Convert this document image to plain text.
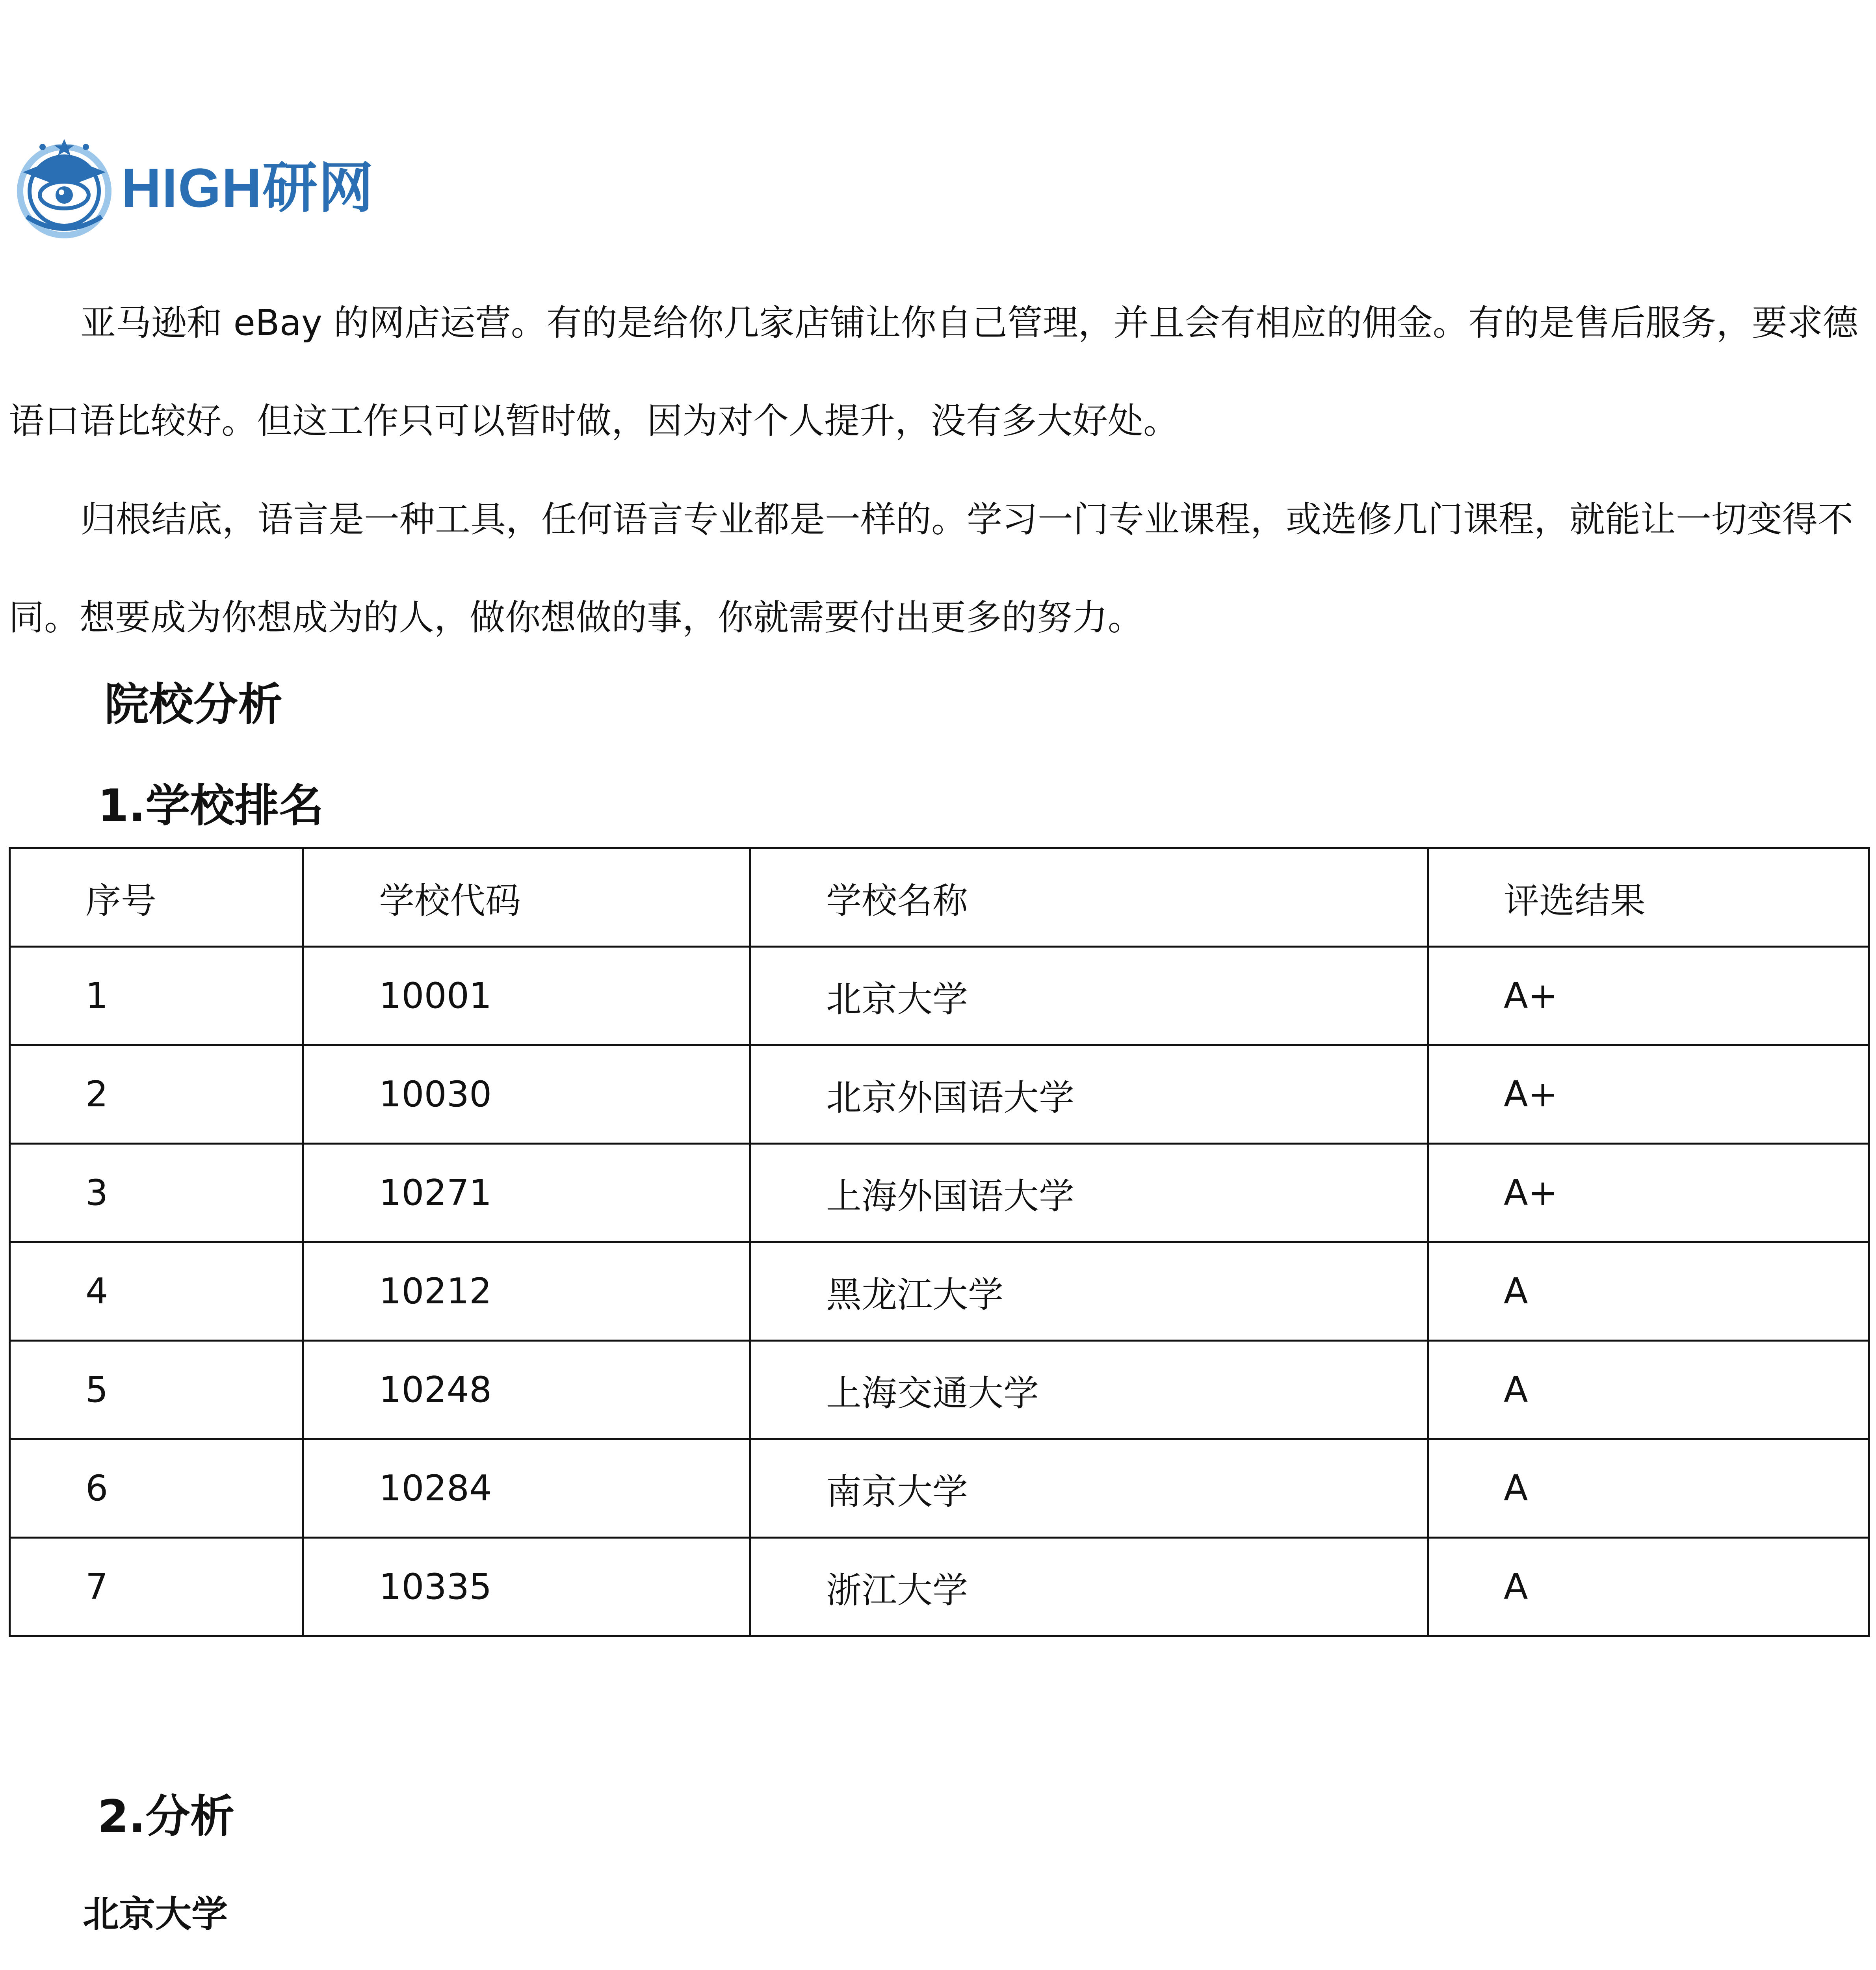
HIGH研网

亚马逊和 eBay 的网店运营。有的是给你几家店铺让你自己管理，并且会有相应的佣金。有的是售后服务，要求德语口语比较好。但这工作只可以暂时做，因为对个人提升，没有多大好处。

归根结底，语言是一种工具，任何语言专业都是一样的。学习一门专业课程，或选修几门课程，就能让一切变得不同。想要成为你想成为的人，做你想做的事，你就需要付出更多的努力。

院校分析
1.学校排名
序号	学校代码	学校名称	评选结果
1	10001	北京大学	A+
2	10030	北京外国语大学	A+
3	10271	上海外国语大学	A+
4	10212	黑龙江大学	A
5	10248	上海交通大学	A
6	10284	南京大学	A
7	10335	浙江大学	A
2.分析
北京大学
